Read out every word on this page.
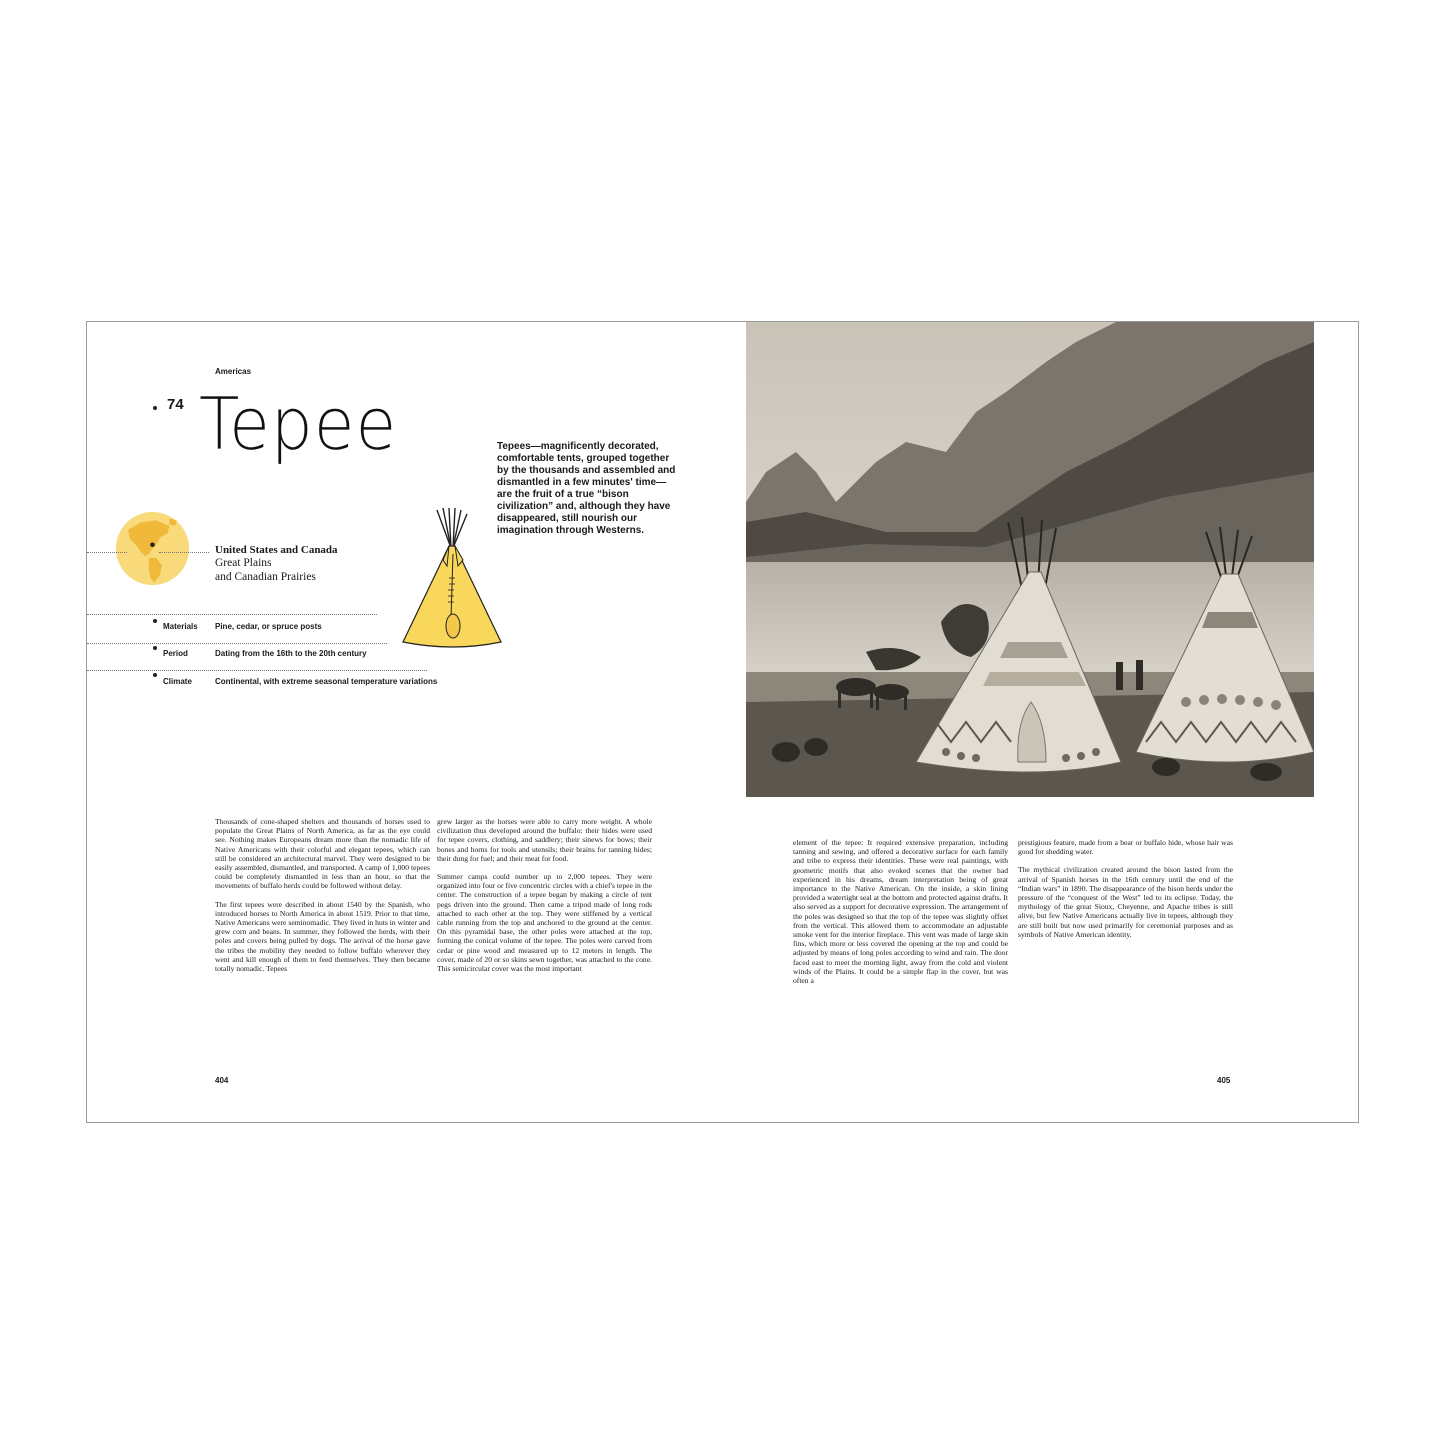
Americas
74 Tepee	Tepees—magnificently decorated, comfortable tents, grouped together by the thousands and assembled and dismantled in a few minutes' time—are the fruit of a true “bison civilization” and, although they have disappeared, still nourish our imagination through Westerns.
United States and Canada
Great Plains
and Canadian Prairies
Materials Pine, cedar, or spruce posts
Period	Dating from the 16th to the 20th century
Climate	Continental, with extreme seasonal temperature variations

Thousands of cone-shaped shelters and thousands of horses used to populate the Great Plains of North America, as far as the eye could see. Nothing makes Europeans dream more than the nomadic life of Native Americans with their colorful and elegant tepees, which can still be considered an architectural marvel. They were designed to be easily assembled, dismantled, and transported. A camp of 1,000 tepees could be completely dismantled in less than an hour, so that the movements of buffalo herds could be followed without delay.

The first tepees were described in about 1540 by the Spanish, who introduced horses to North America in about 1519. Prior to that time, Native Americans were seminomadic. They lived in huts in winter and grew corn and beans. In summer, they followed the herds, with their poles and covers being pulled by dogs. The arrival of the horse gave the tribes the mobility they needed to follow buffalo wherever they went and kill enough of them to feed themselves. They then became totally nomadic. Tepees

grew larger as the horses were able to carry more weight. A whole civilization thus developed around the buffalo: their hides were used for tepee covers, clothing, and saddlery; their sinews for bows; their bones and horns for tools and utensils; their brains for tanning hides; their dung for fuel; and their meat for food.

Summer camps could number up to 2,000 tepees. They were organized into four or five concentric circles with a chief's tepee in the center. The construction of a tepee began by making a circle of tent pegs driven into the ground. Then came a tripod made of long rods attached to each other at the top. They were stiffened by a vertical cable running from the top and anchored to the ground at the center. On this pyramidal base, the other poles were attached at the top, forming the conical volume of the tepee. The poles were carved from cedar or pine wood and measured up to 12 meters in length. The cover, made of 20 or so skins sewn together, was attached to the cone. This semicircular cover was the most important

404

element of the tepee: It required extensive preparation, including tanning and sewing, and offered a decorative surface for each family and tribe to express their identities. These were real paintings, with geometric motifs that also evoked scenes that the owner had experienced in his dreams, dream interpretation being of great importance to the Native American. On the inside, a skin lining provided a watertight seal at the bottom and protected against drafts. It also served as a support for decorative expression. The arrangement of the poles was designed so that the top of the tepee was slightly offset from the vertical. This allowed them to accommodate an adjustable smoke vent for the interior fireplace. This vent was made of large skin fins, which more or less covered the opening at the top and could be adjusted by means of long poles according to wind and rain. The door faced east to meet the morning light, away from the cold and violent winds of the Plains. It could be a simple flap in the cover, but was often a

prestigious feature, made from a bear or buffalo hide, whose hair was good for shedding water.

The mythical civilization created around the bison lasted from the arrival of Spanish horses in the 16th century until the end of the “Indian wars” in 1890. The disappearance of the bison herds under the pressure of the “conquest of the West” led to its eclipse. Today, the mythology of the great Sioux, Cheyenne, and Apache tribes is still alive, but few Native Americans actually live in tepees, although they are still built but now used primarily for ceremonial purposes and as symbols of Native American identity.

405
